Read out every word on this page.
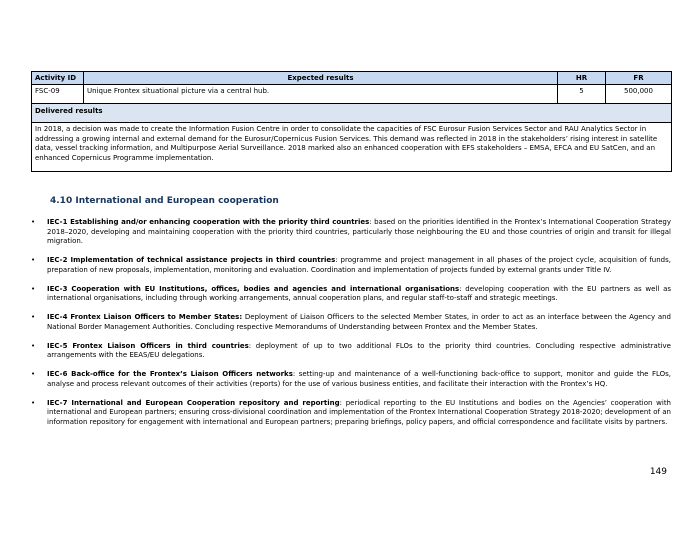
Activity ID	Expected results	HR	FR
FSC-09	Unique Frontex situational picture via a central hub.	5	500,000
Delivered results			
In 2018, a decision was made to create the Information Fusion Centre in order to consolidate the capacities of FSC Eurosur Fusion Services Sector and RAU Analytics Sector in addressing a growing internal and external demand for the Eurosur/Copernicus Fusion Services. This demand was reflected in 2018 in the stakeholders’ rising interest in satellite data, vessel tracking information, and Multipurpose Aerial Surveillance. 2018 marked also an enhanced cooperation with EFS stakeholders – EMSA, EFCA and EU SatCen, and an enhanced Copernicus Programme implementation.			
4.10 International and European cooperation
• IEC-1 Establishing and/or enhancing cooperation with the priority third countries: based on the priorities identified in the Frontex’s International Cooperation Strategy 2018–2020, developing and maintaining cooperation with the priority third countries, particularly those neighbouring the EU and those countries of origin and transit for illegal migration.
• IEC-2 Implementation of technical assistance projects in third countries: programme and project management in all phases of the project cycle, acquisition of funds, preparation of new proposals, implementation, monitoring and evaluation. Coordination and implementation of projects funded by external grants under Title IV.
• IEC-3 Cooperation with EU Institutions, offices, bodies and agencies and international organisations: developing cooperation with the EU partners as well as international organisations, including through working arrangements, annual cooperation plans, and regular staff-to-staff and strategic meetings.
• IEC-4 Frontex Liaison Officers to Member States: Deployment of Liaison Officers to the selected Member States, in order to act as an interface between the Agency and National Border Management Authorities. Concluding respective Memorandums of Understanding between Frontex and the Member States.
• IEC-5 Frontex Liaison Officers in third countries: deployment of up to two additional FLOs to the priority third countries. Concluding respective administrative arrangements with the EEAS/EU delegations.
• IEC-6 Back-office for the Frontex’s Liaison Officers networks: setting-up and maintenance of a well-functioning back-office to support, monitor and guide the FLOs, analyse and process relevant outcomes of their activities (reports) for the use of various business entities, and facilitate their interaction with the Frontex’s HQ.
• IEC-7 International and European Cooperation repository and reporting: periodical reporting to the EU Institutions and bodies on the Agencies’ cooperation with international and European partners; ensuring cross-divisional coordination and implementation of the Frontex International Cooperation Strategy 2018-2020; development of an information repository for engagement with international and European partners; preparing briefings, policy papers, and official correspondence and facilitate visits by partners.
149
